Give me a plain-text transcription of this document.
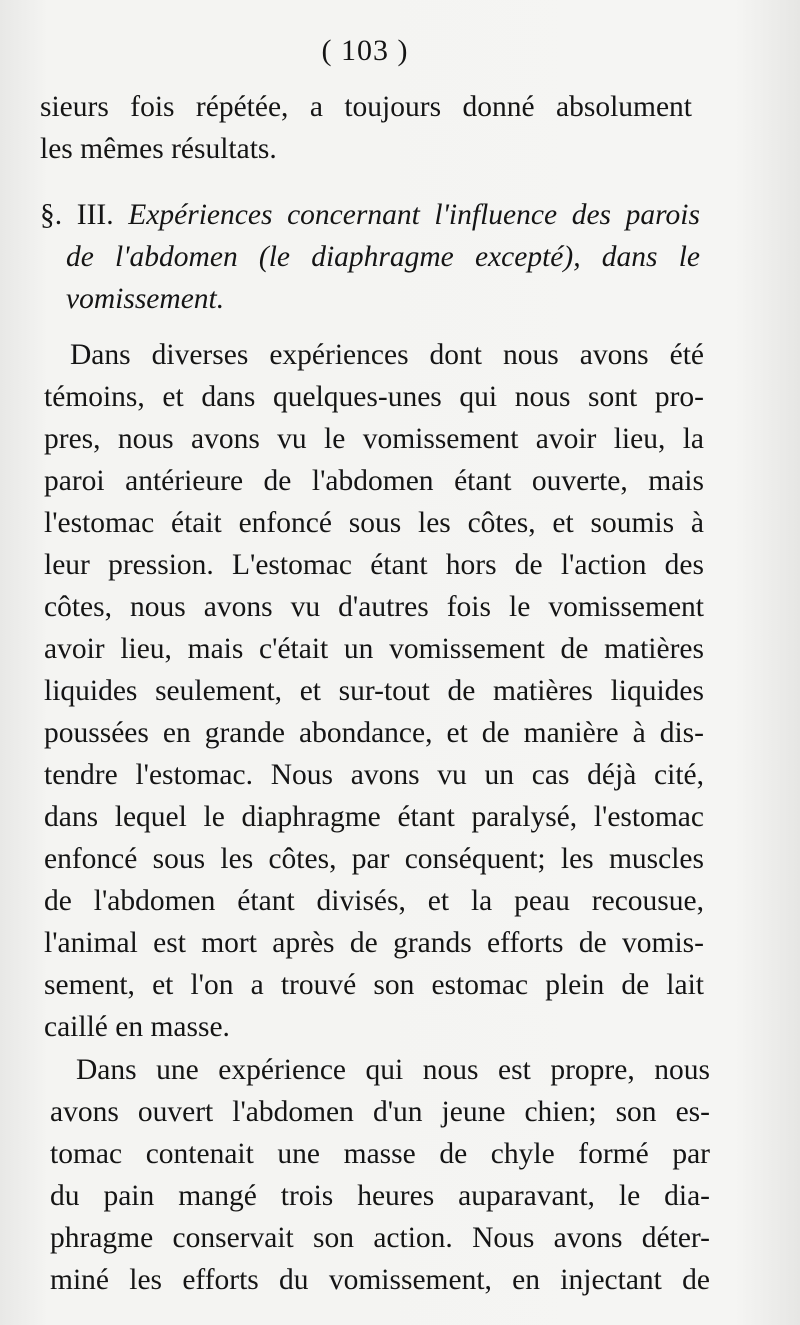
( 103 )
sieurs fois répétée, a toujours donné absolument
les mêmes résultats.
§. III. Expériences concernant l'influence des parois
de l'abdomen (le diaphragme excepté), dans le
vomissement.
Dans diverses expériences dont nous avons été
témoins, et dans quelques-unes qui nous sont pro-
pres, nous avons vu le vomissement avoir lieu, la
paroi antérieure de l'abdomen étant ouverte, mais
l'estomac était enfoncé sous les côtes, et soumis à
leur pression. L'estomac étant hors de l'action des
côtes, nous avons vu d'autres fois le vomissement
avoir lieu, mais c'était un vomissement de matières
liquides seulement, et sur-tout de matières liquides
poussées en grande abondance, et de manière à dis-
tendre l'estomac. Nous avons vu un cas déjà cité,
dans lequel le diaphragme étant paralysé, l'estomac
enfoncé sous les côtes, par conséquent; les muscles
de l'abdomen étant divisés, et la peau recousue,
l'animal est mort après de grands efforts de vomis-
sement, et l'on a trouvé son estomac plein de lait
caillé en masse.
Dans une expérience qui nous est propre, nous
avons ouvert l'abdomen d'un jeune chien; son es-
tomac contenait une masse de chyle formé par
du pain mangé trois heures auparavant, le dia-
phragme conservait son action. Nous avons déter-
miné les efforts du vomissement, en injectant de
